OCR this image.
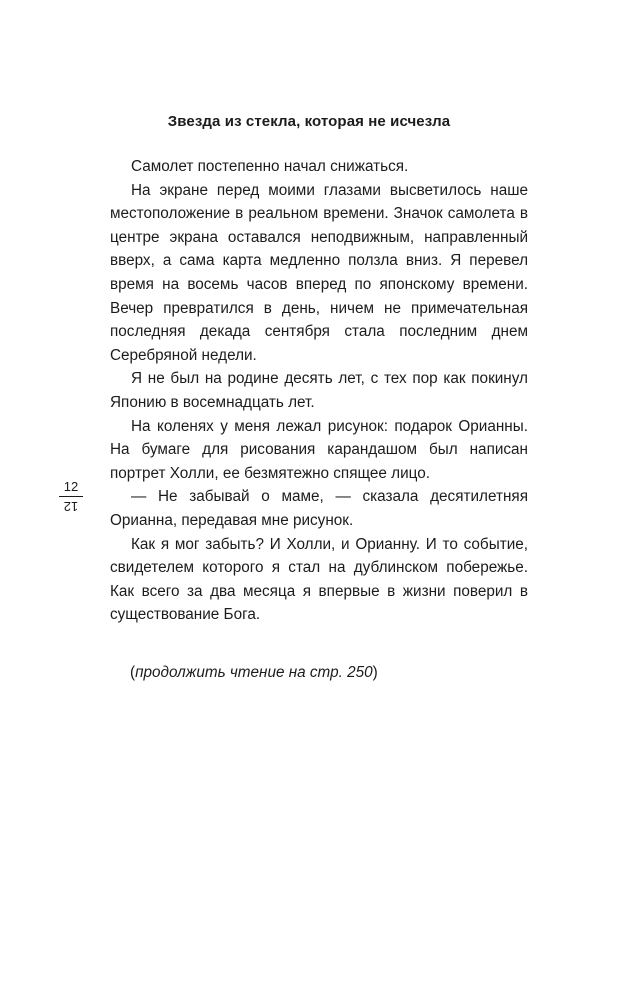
Звезда из стекла, которая не исчезла

Самолет постепенно начал снижаться.

На экране перед моими глазами высветилось наше местоположение в реальном времени. Значок самолета в центре экрана оставался неподвижным, направленный вверх, а сама карта медленно ползла вниз. Я перевел время на восемь часов вперед по японскому времени. Вечер превратился в день, ничем не примечательная последняя декада сентября стала последним днем Серебряной недели.

Я не был на родине десять лет, с тех пор как покинул Японию в восемнадцать лет.

На коленях у меня лежал рисунок: подарок Орианны. На бумаге для рисования карандашом был написан портрет Холли, ее безмятежно спящее лицо.

— Не забывай о маме, — сказала десятилетняя Орианна, передавая мне рисунок.

Как я мог забыть? И Холли, и Орианну. И то событие, свидетелем которого я стал на дублинском побережье. Как всего за два месяца я впервые в жизни поверил в существование Бога.

(продолжить чтение на стр. 250)
12
12
